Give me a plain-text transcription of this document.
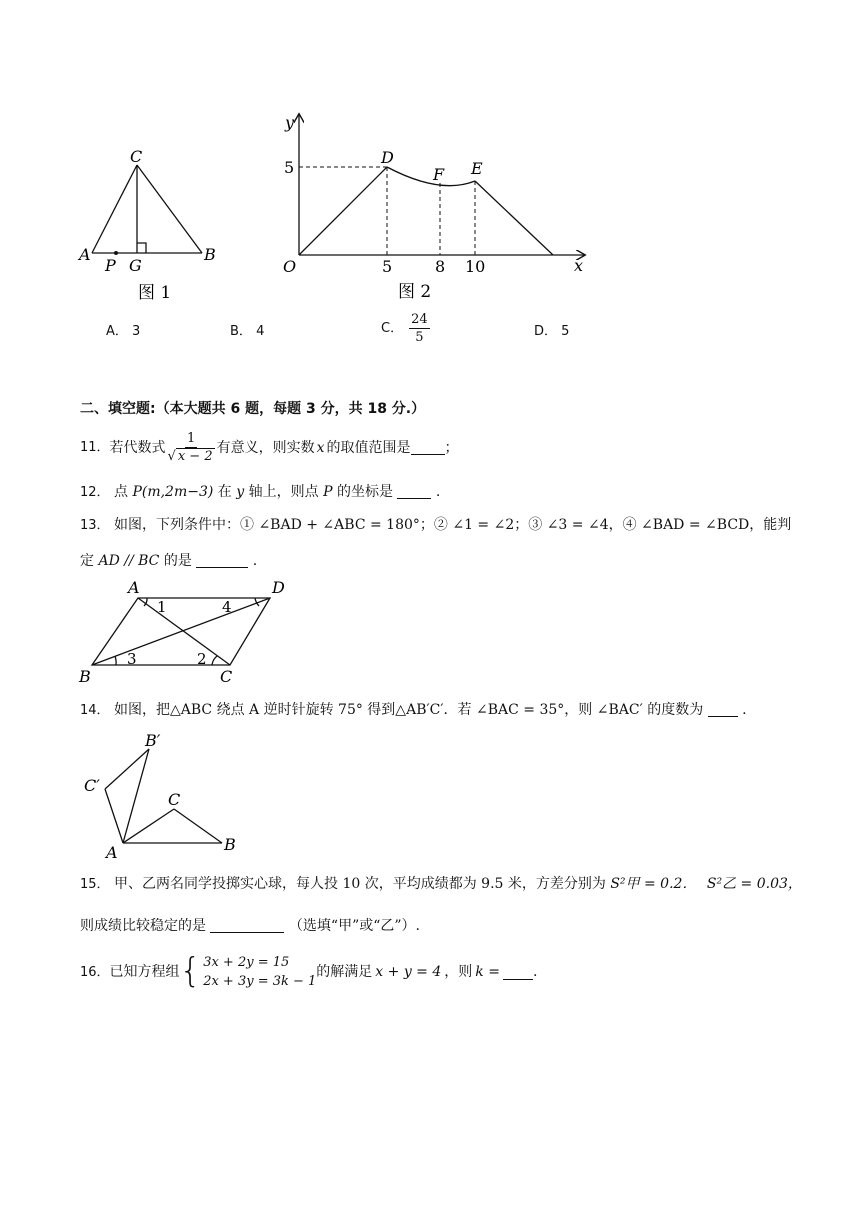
C
A
P G
B
图 1
y
x
O
5
5	8 10
D
F E
图 2
A． 3	B． 4	C． $\frac{24}{5}$	D． 5
二、填空题:（本大题共 6 题，每题 3 分，共 18 分.）
11． 若代数式 $\frac{1}{√ x - 2}$ 有意义，则实数 x 的取值范围是 ；
12． 点 P(m,2m−3) 在 y 轴上，则点 P 的坐标是	.
13． 如图，下列条件中：① ∠BAD + ∠ABC = 180°；② ∠1 = ∠2；③ ∠3 = ∠4，④ ∠BAD = ∠BCD，能判
定 AD // BC 的是	.
A	D
B	C
1	4
3	2
14． 如图，把△ABC 绕点 A 逆时针旋转 75° 得到△AB′C′．若 ∠BAC = 35°，则 ∠BAC′ 的度数为	.
B′
C′
C
A	B
15． 甲、乙两名同学投掷实心球，每人投 10 次，平均成绩都为 9.5 米，方差分别为 S²甲 = 0.2． S²乙 = 0.03，
则成绩比较稳定的是	（选填“甲”或“乙”）.
16． 已知方程组 { 3x + 2y = 15
2x + 3y = 3k − 1
的解满足 x + y = 4 ，则 k = .
